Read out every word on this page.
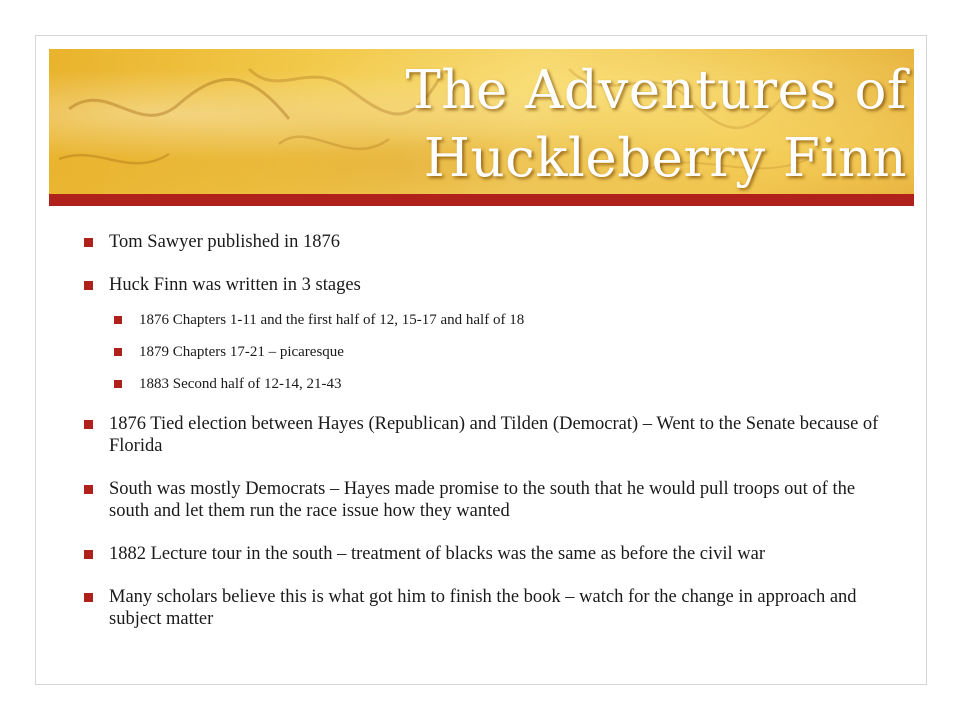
The Adventures of
Huckleberry Finn
Tom Sawyer published in 1876
Huck Finn was written in 3 stages
1876 Chapters 1-11 and the first half of 12, 15-17 and half of 18
1879 Chapters 17-21 – picaresque
1883 Second half of 12-14, 21-43
1876 Tied election between Hayes (Republican) and Tilden (Democrat) – Went to the Senate because of Florida
South was mostly Democrats – Hayes made promise to the south that he would pull troops out of the south and let them run the race issue how they wanted
1882 Lecture tour in the south – treatment of blacks was the same as before the civil war
Many scholars believe this is what got him to finish the book – watch for the change in approach and subject matter
